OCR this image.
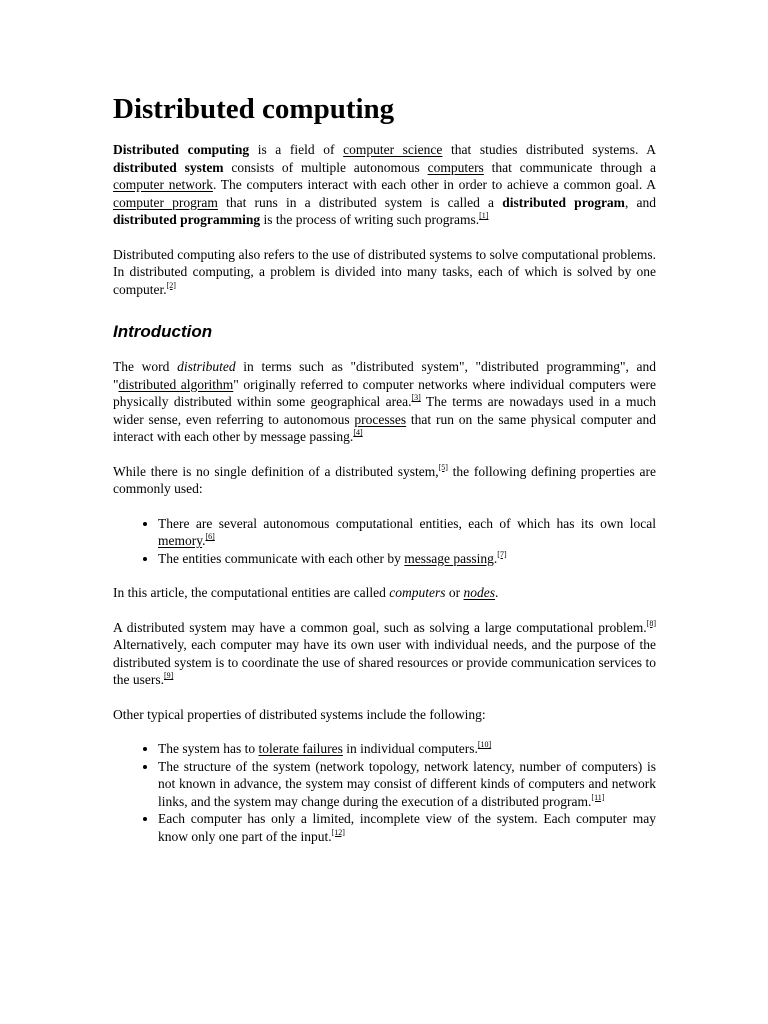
Distributed computing

Distributed computing is a field of computer science that studies distributed systems. A distributed system consists of multiple autonomous computers that communicate through a computer network. The computers interact with each other in order to achieve a common goal. A computer program that runs in a distributed system is called a distributed program, and distributed programming is the process of writing such programs.[1]

Distributed computing also refers to the use of distributed systems to solve computational problems. In distributed computing, a problem is divided into many tasks, each of which is solved by one computer.[2]

Introduction

The word distributed in terms such as "distributed system", "distributed programming", and "distributed algorithm" originally referred to computer networks where individual computers were physically distributed within some geographical area.[3] The terms are nowadays used in a much wider sense, even referring to autonomous processes that run on the same physical computer and interact with each other by message passing.[4]

While there is no single definition of a distributed system,[5] the following defining properties are commonly used:

• There are several autonomous computational entities, each of which has its own local memory.[6]
• The entities communicate with each other by message passing.[7]

In this article, the computational entities are called computers or nodes.

A distributed system may have a common goal, such as solving a large computational problem.[8] Alternatively, each computer may have its own user with individual needs, and the purpose of the distributed system is to coordinate the use of shared resources or provide communication services to the users.[9]

Other typical properties of distributed systems include the following:

• The system has to tolerate failures in individual computers.[10]
• The structure of the system (network topology, network latency, number of computers) is not known in advance, the system may consist of different kinds of computers and network links, and the system may change during the execution of a distributed program.[11]
• Each computer has only a limited, incomplete view of the system. Each computer may know only one part of the input.[12]
